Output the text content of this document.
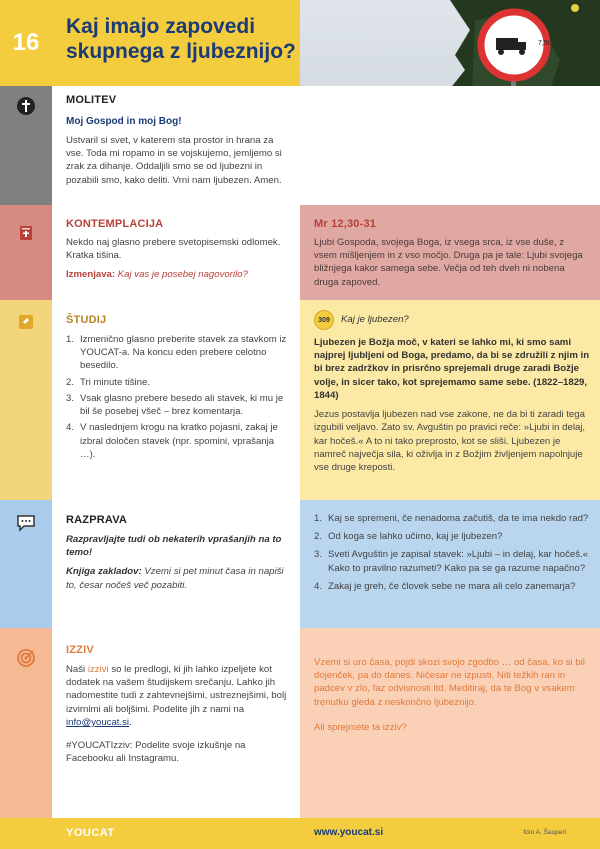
16
Kaj imajo zapovedi skupnega z ljubeznijo?	7,5t
MOLITEV
Moj Gospod in moj Bog!
Ustvaril si svet, v katerem sta prostor in hrana za vse. Toda mi ropamo in se vojskujemo, jemljemo si zrak za dihanje. Oddaljili smo se od ljubezni in pozabili smo, kako deliti. Vrni nam ljubezen. Amen.
KONTEMPLACIJA
Nekdo naj glasno prebere svetopisemski odlomek. Kratka tišina.
Izmenjava: Kaj vas je posebej nagovorilo?
Mr 12,30-31
Ljubi Gospoda, svojega Boga, iz vsega srca, iz vse duše, z vsem mišljenjem in z vso močjo. Druga pa je tale: Ljubi svojega bližnjega kakor samega sebe. Večja od teh dveh ni nobena druga zapoved.
ŠTUDIJ
1. Izmenično glasno preberite stavek za stavkom iz YOUCAT-a. Na koncu eden prebere celotno besedilo.
2. Tri minute tišine.
3. Vsak glasno prebere besedo ali stavek, ki mu je bil še posebej všeč – brez komentarja.
4. V naslednjem krogu na kratko pojasni, zakaj je izbral določen stavek (npr. spomini, vprašanja …).
309	Kaj je ljubezen?
Ljubezen je Božja moč, v kateri se lahko mi, ki smo sami najprej ljubljeni od Boga, predamo, da bi se združili z njim in bi brez zadržkov in prisrčno sprejemali druge zaradi Božje volje, in sicer tako, kot sprejemamo same sebe. (1822–1829, 1844)
Jezus postavlja ljubezen nad vse zakone, ne da bi ti zaradi tega izgubili veljavo. Zato sv. Avguštin po pravici reče: »Ljubi in delaj, kar hočeš.« A to ni tako preprosto, kot se sliši. Ljubezen je namreč največja sila, ki oživlja in z Božjim življenjem napolnjuje vse druge kreposti.
RAZPRAVA
Razpravljajte tudi ob nekaterih vprašanjih na to temo!
Knjiga zakladov: Vzemi si pet minut časa in napiši to, česar nočeš več pozabiti.
1. Kaj se spremeni, če nenadoma začutiš, da te ima nekdo rad?
2. Od koga se lahko učimo, kaj je ljubezen?
3. Sveti Avguštin je zapisal stavek: »Ljubi – in delaj, kar hočeš.« Kako to pravilno razumeti? Kako pa se ga razume napačno?
4. Zakaj je greh, če človek sebe ne mara ali celo zanemarja?
IZZIV
Naši izzivi so le predlogi, ki jih lahko izpeljete kot dodatek na vašem študijskem srečanju. Lahko jih nadomestite tudi z zahtevnejšimi, ustreznejšimi, bolj izvirnimi ali boljšimi. Podelite jih z nami na info@youcat.si.
#YOUCATIzziv: Podelite svoje izkušnje na Facebooku ali Instagramu.
Vzemi si uro časa, pojdi skozi svojo zgodbo … od časa, ko si bil dojenček, pa do danes. Ničesar ne izpusti. Niti težkih ran in padcev v zlo, faz odvisnosti itd. Meditiraj, da te Bog v vsakem trenutku gleda z neskončno ljubeznijo.
Ali sprejmete ta izziv?
YOUCAT	www.youcat.si	foto A. Šauperl
